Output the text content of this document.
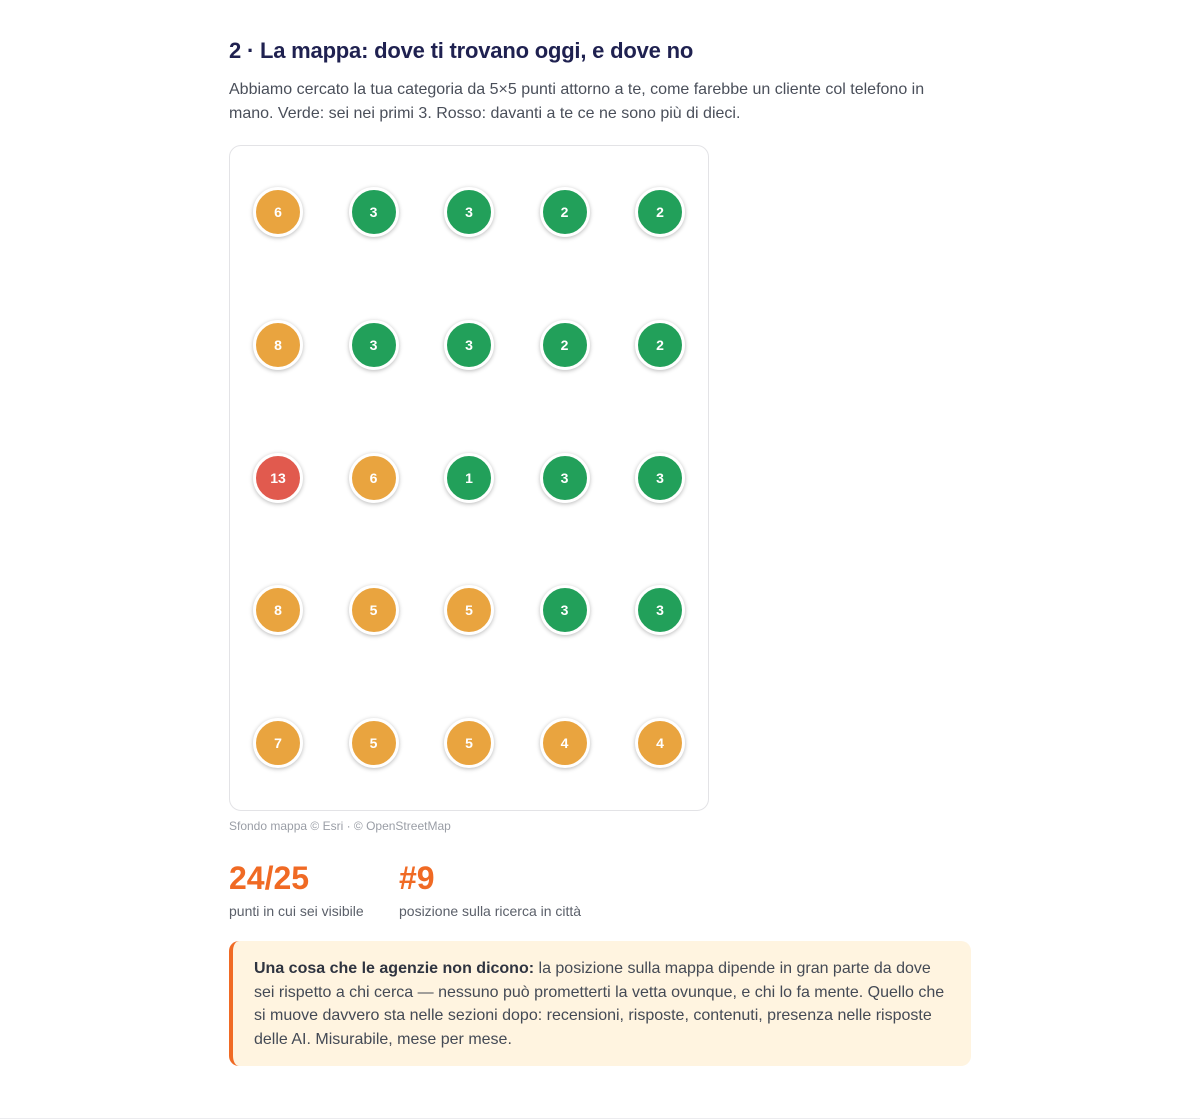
2 · La mappa: dove ti trovano oggi, e dove no

Abbiamo cercato la tua categoria da 5×5 punti attorno a te, come farebbe un cliente col telefono in mano. Verde: sei nei primi 3. Rosso: davanti a te ce ne sono più di dieci.

6	3	3	2	2
8	3	3	2	2
13	6	1	3	3
8	5	5	3	3
7	5	5	4	4
Sfondo mappa © Esri · © OpenStreetMap
24/25
punti in cui sei visibile
#9
posizione sulla ricerca in città
Una cosa che le agenzie non dicono: la posizione sulla mappa dipende in gran parte da dove sei rispetto a chi cerca — nessuno può prometterti la vetta ovunque, e chi lo fa mente. Quello che si muove davvero sta nelle sezioni dopo: recensioni, risposte, contenuti, presenza nelle risposte delle AI. Misurabile, mese per mese.
